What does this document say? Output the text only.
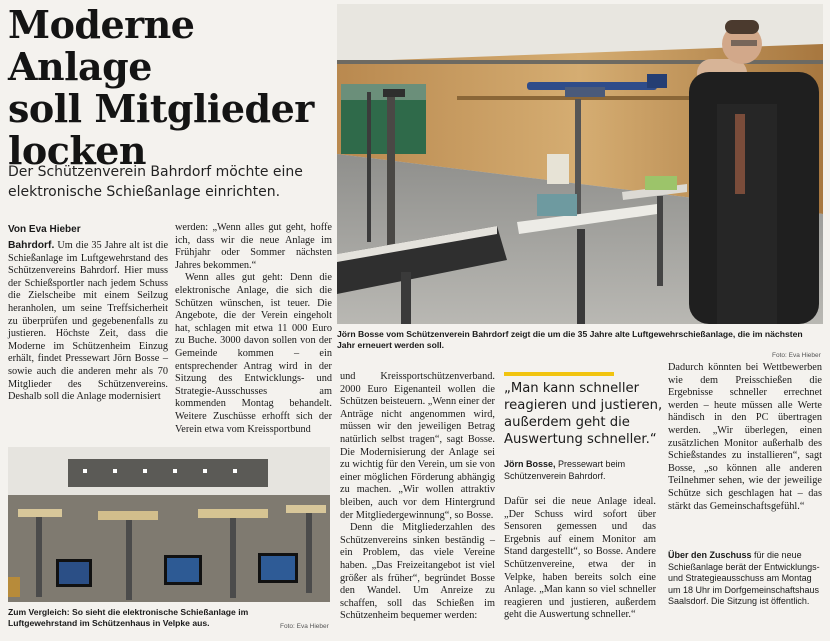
Moderne Anlage
soll Mitglieder
locken
Der Schützenverein Bahrdorf möchte eine elektronische Schießanlage einrichten.
Von Eva Hieber
Jörn Bosse vom Schützenverein Bahrdorf zeigt die um die 35 Jahre alte Luftgewehrschießanlage, die im nächsten Jahr erneuert werden soll.
Foto: Eva Hieber
Zum Vergleich: So sieht die elektronische Schießanlage im Luftgewehrstand im Schützenhaus in Velpke aus.	Foto: Eva Hieber

Bahrdorf. Um die 35 Jahre alt ist die Schießanlage im Luftgewehrstand des Schützenvereins Bahrdorf. Hier muss der Schießsportler nach jedem Schuss die Zielscheibe mit einem Seilzug heranholen, um seine Treffsicherheit zu überprüfen und gegebenenfalls zu justieren. Höchste Zeit, dass die Moderne im Schützenheim Einzug erhält, findet Pressewart Jörn Bosse – sowie auch die anderen mehr als 70 Mitglieder des Schützenvereins. Deshalb soll die Anlage modernisiert

werden: „Wenn alles gut geht, hoffe ich, dass wir die neue Anlage im Frühjahr oder Sommer nächsten Jahres bekommen.“
Wenn alles gut geht: Denn die elektronische Anlage, die sich die Schützen wünschen, ist teuer. Die Angebote, die der Verein eingeholt hat, schlagen mit etwa 11 000 Euro zu Buche. 3000 davon sollen von der Gemeinde kommen – ein entsprechender Antrag wird in der Sitzung des Entwicklungs- und Strategie-Ausschusses am kommenden Montag behandelt. Weitere Zuschüsse erhofft sich der Verein etwa vom Kreissportbund
und Kreissportschützenverband. 2000 Euro Eigenanteil wollen die Schützen beisteuern. „Wenn einer der Anträge nicht angenommen wird, müssen wir den jeweiligen Betrag natürlich selbst tragen“, sagt Bosse. Die Modernisierung der Anlage sei zu wichtig für den Verein, um sie von einer möglichen Förderung abhängig zu machen. „Wir wollen attraktiv bleiben, auch vor dem Hintergrund der Mitgliedergewinnung“, so Bosse.
Denn die Mitgliederzahlen des Schützenvereins sinken beständig – ein Problem, das viele Vereine haben. „Das Freizeitangebot ist viel größer als früher“, begründet Bosse den Wandel. Um Anreize zu schaffen, soll das Schießen im Schützenheim bequemer werden:
„Man kann schneller reagieren und justieren, außerdem geht die Auswertung schneller.“
Jörn Bosse, Pressewart beim Schützenverein Bahrdorf.
Dafür sei die neue Anlage ideal. „Der Schuss wird sofort über Sensoren gemessen und das Ergebnis auf einem Monitor am Stand dargestellt“, so Bosse. Andere Schützenvereine, etwa der in Velpke, haben bereits solch eine Anlage. „Man kann so viel schneller reagieren und justieren, außerdem geht die Auswertung schneller.“
Dadurch könnten bei Wettbewerben wie dem Preisschießen die Ergebnisse schneller errechnet werden – heute müssen alle Werte händisch in den PC übertragen werden. „Wir überlegen, einen zusätzlichen Monitor außerhalb des Schießstandes zu installieren“, sagt Bosse, „so können alle anderen Teilnehmer sehen, wie der jeweilige Schütze sich geschlagen hat – das stärkt das Gemeinschaftsgefühl.“
Über den Zuschuss für die neue Schießanlage berät der Entwicklungs- und Strategieausschuss am Montag um 18 Uhr im Dorfgemeinschaftshaus Saalsdorf. Die Sitzung ist öffentlich.
